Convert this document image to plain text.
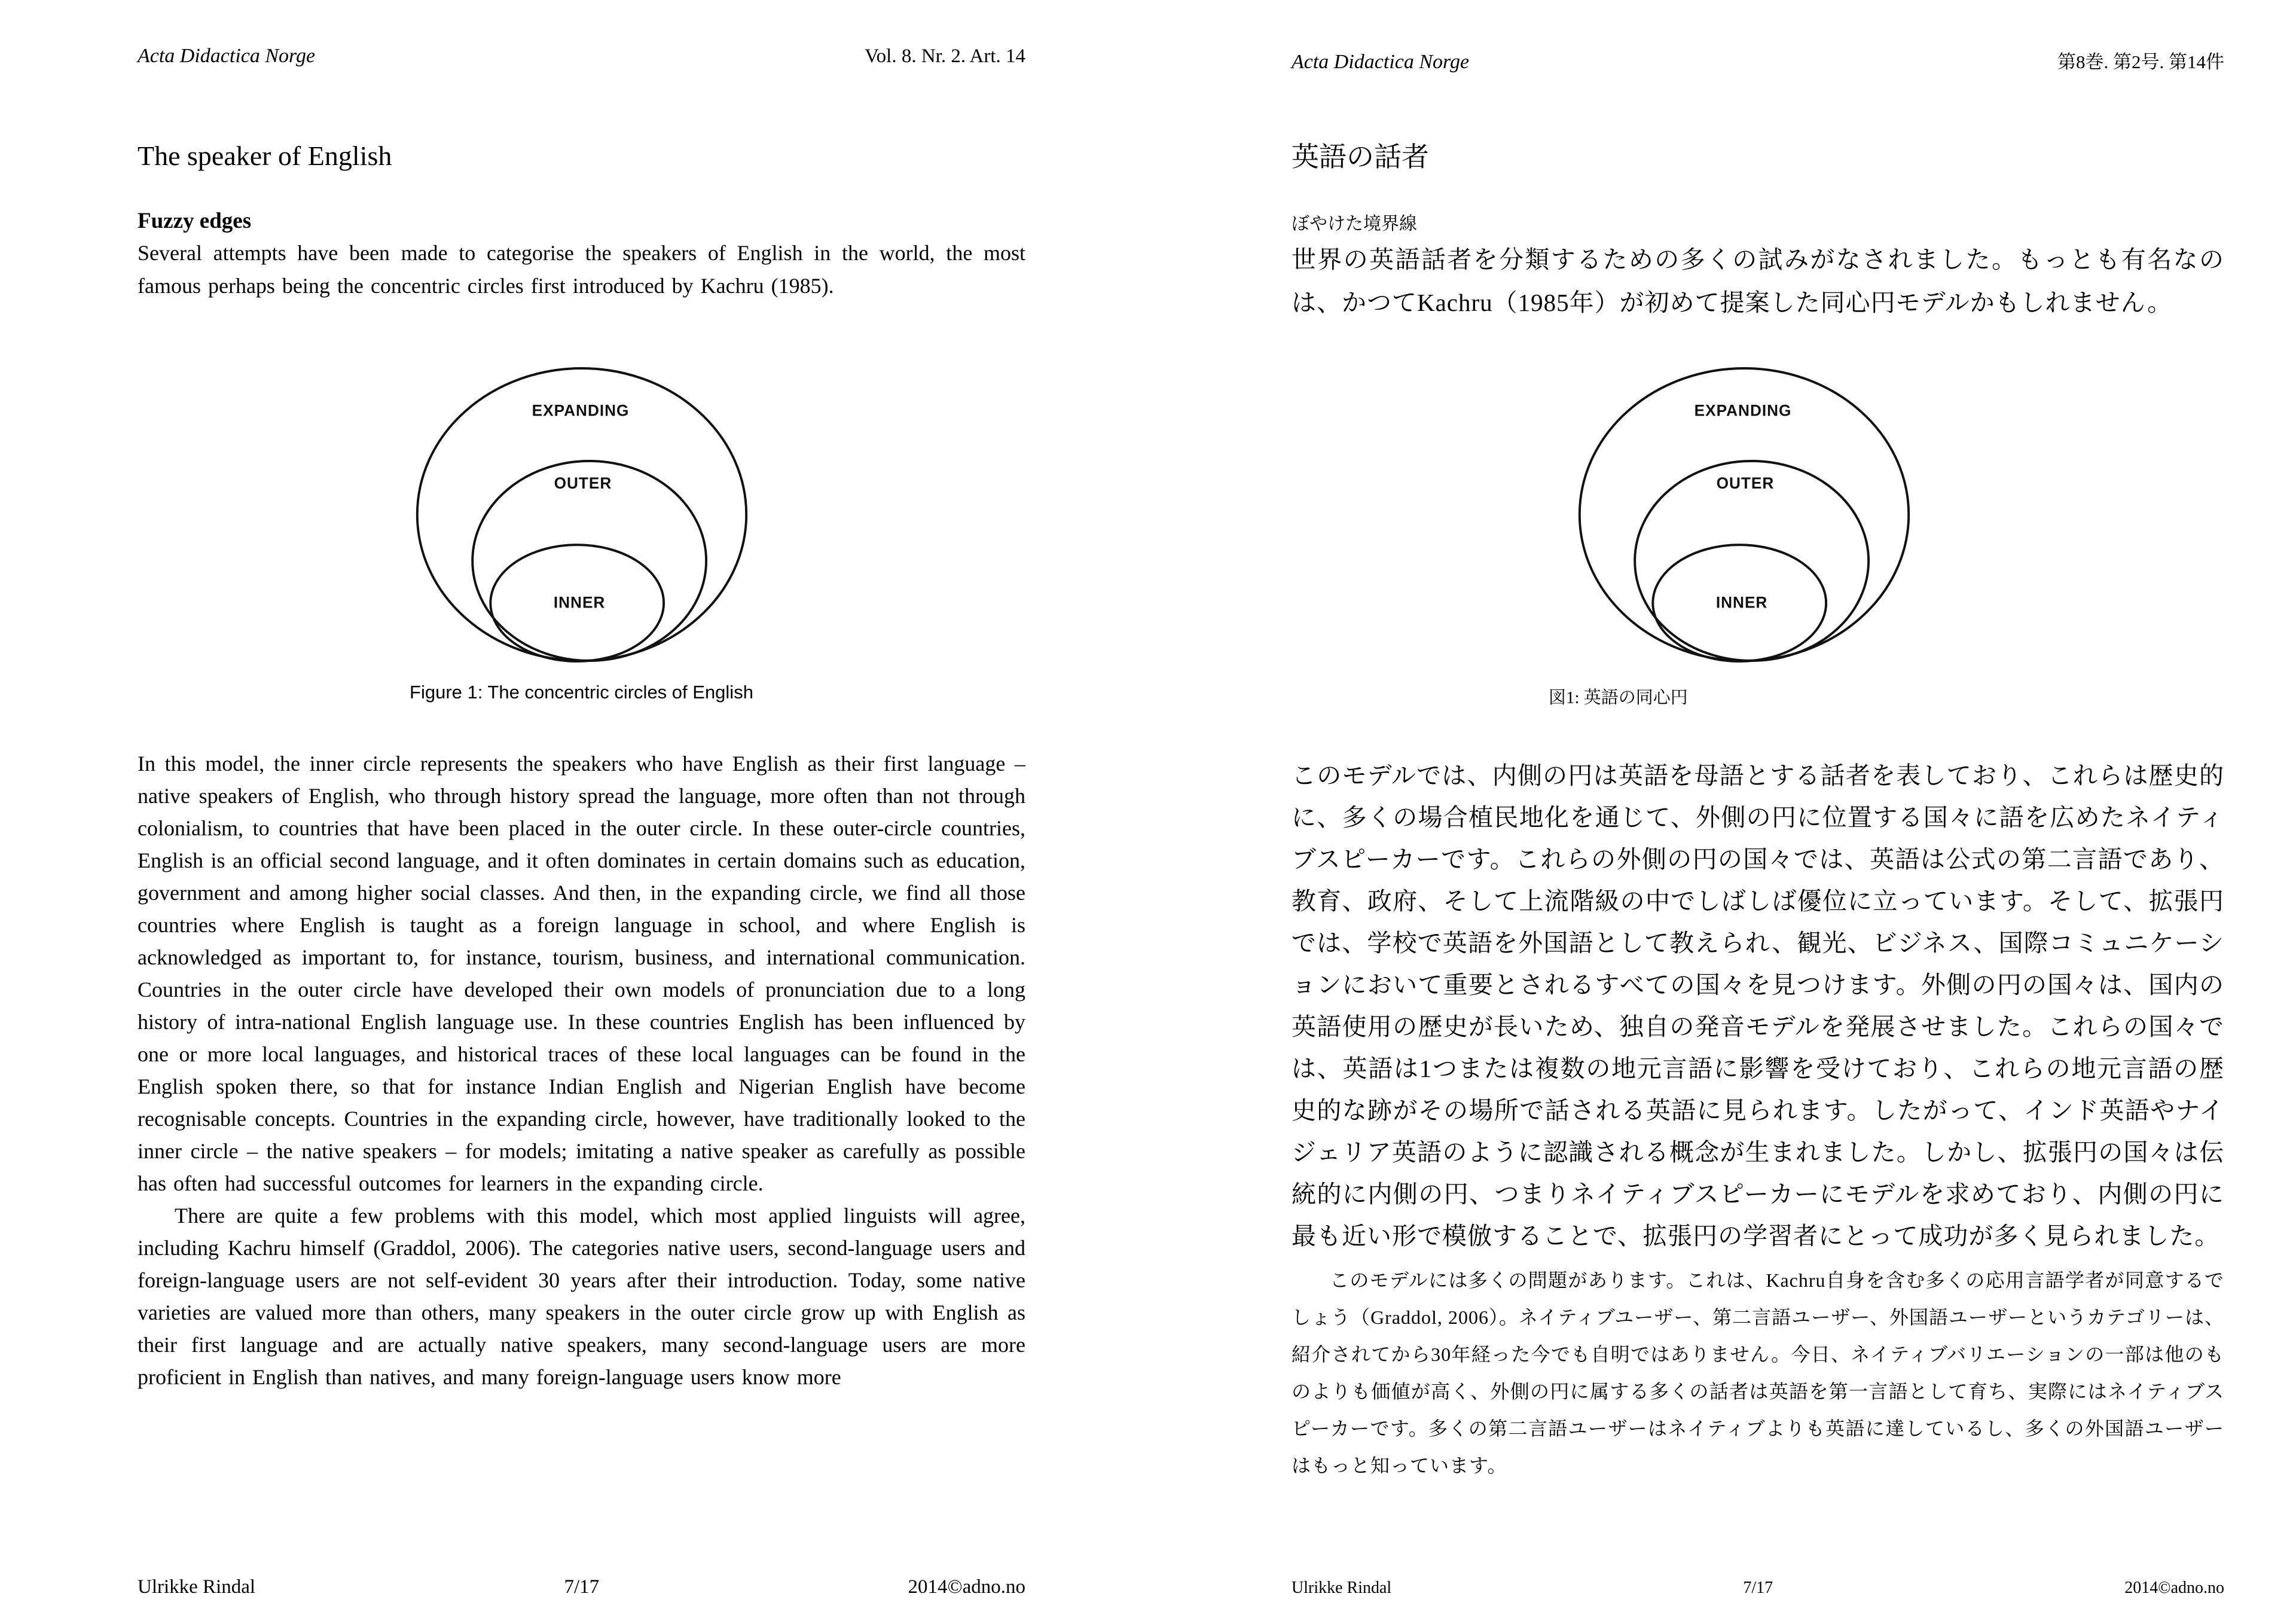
Acta Didactica Norge	Vol. 8. Nr. 2. Art. 14
The speaker of English
Fuzzy edges

Several attempts have been made to categorise the speakers of English in the world, the most famous perhaps being the concentric circles first introduced by Kachru (1985).

EXPANDING
OUTER
INNER
Figure 1: The concentric circles of English

In this model, the inner circle represents the speakers who have English as their first language – native speakers of English, who through history spread the language, more often than not through colonialism, to countries that have been placed in the outer circle. In these outer-circle countries, English is an official second language, and it often dominates in certain domains such as education, government and among higher social classes. And then, in the expanding circle, we find all those countries where English is taught as a foreign language in school, and where English is acknowledged as important to, for instance, tourism, business, and international communication. Countries in the outer circle have developed their own models of pronunciation due to a long history of intra-national English language use. In these countries English has been influenced by one or more local languages, and historical traces of these local languages can be found in the English spoken there, so that for instance Indian English and Nigerian English have become recognisable concepts. Countries in the expanding circle, however, have traditionally looked to the inner circle – the native speakers – for models; imitating a native speaker as carefully as possible has often had successful outcomes for learners in the expanding circle.

There are quite a few problems with this model, which most applied linguists will agree, including Kachru himself (Graddol, 2006). The categories native users, second-language users and foreign-language users are not self-evident 30 years after their introduction. Today, some native varieties are valued more than others, many speakers in the outer circle grow up with English as their first language and are actually native speakers, many second-language users are more proficient in English than natives, and many foreign-language users know more

Ulrikke Rindal	7/17	2014©adno.no
Acta Didactica Norge	第8巻. 第2号. 第14件
英語の話者
ぼやけた境界線

世界の英語話者を分類するための多くの試みがなされました。もっとも有名なのは、かつてKachru（1985年）が初めて提案した同心円モデルかもしれません。

EXPANDING
OUTER
INNER
図1: 英語の同心円

このモデルでは、内側の円は英語を母語とする話者を表しており、これらは歴史的に、多くの場合植民地化を通じて、外側の円に位置する国々に語を広めたネイティブスピーカーです。これらの外側の円の国々では、英語は公式の第二言語であり、教育、政府、そして上流階級の中でしばしば優位に立っています。そして、拡張円では、学校で英語を外国語として教えられ、観光、ビジネス、国際コミュニケーションにおいて重要とされるすべての国々を見つけます。外側の円の国々は、国内の英語使用の歴史が長いため、独自の発音モデルを発展させました。これらの国々では、英語は1つまたは複数の地元言語に影響を受けており、これらの地元言語の歴史的な跡がその場所で話される英語に見られます。したがって、インド英語やナイジェリア英語のように認識される概念が生まれました。しかし、拡張円の国々は伝統的に内側の円、つまりネイティブスピーカーにモデルを求めており、内側の円に最も近い形で模倣することで、拡張円の学習者にとって成功が多く見られました。

このモデルには多くの問題があります。これは、Kachru自身を含む多くの応用言語学者が同意するでしょう（Graddol, 2006）。ネイティブユーザー、第二言語ユーザー、外国語ユーザーというカテゴリーは、紹介されてから30年経った今でも自明ではありません。今日、ネイティブバリエーションの一部は他のものよりも価値が高く、外側の円に属する多くの話者は英語を第一言語として育ち、実際にはネイティブスピーカーです。多くの第二言語ユーザーはネイティブよりも英語に達しているし、多くの外国語ユーザーはもっと知っています。

Ulrikke Rindal	7/17	2014©adno.no
